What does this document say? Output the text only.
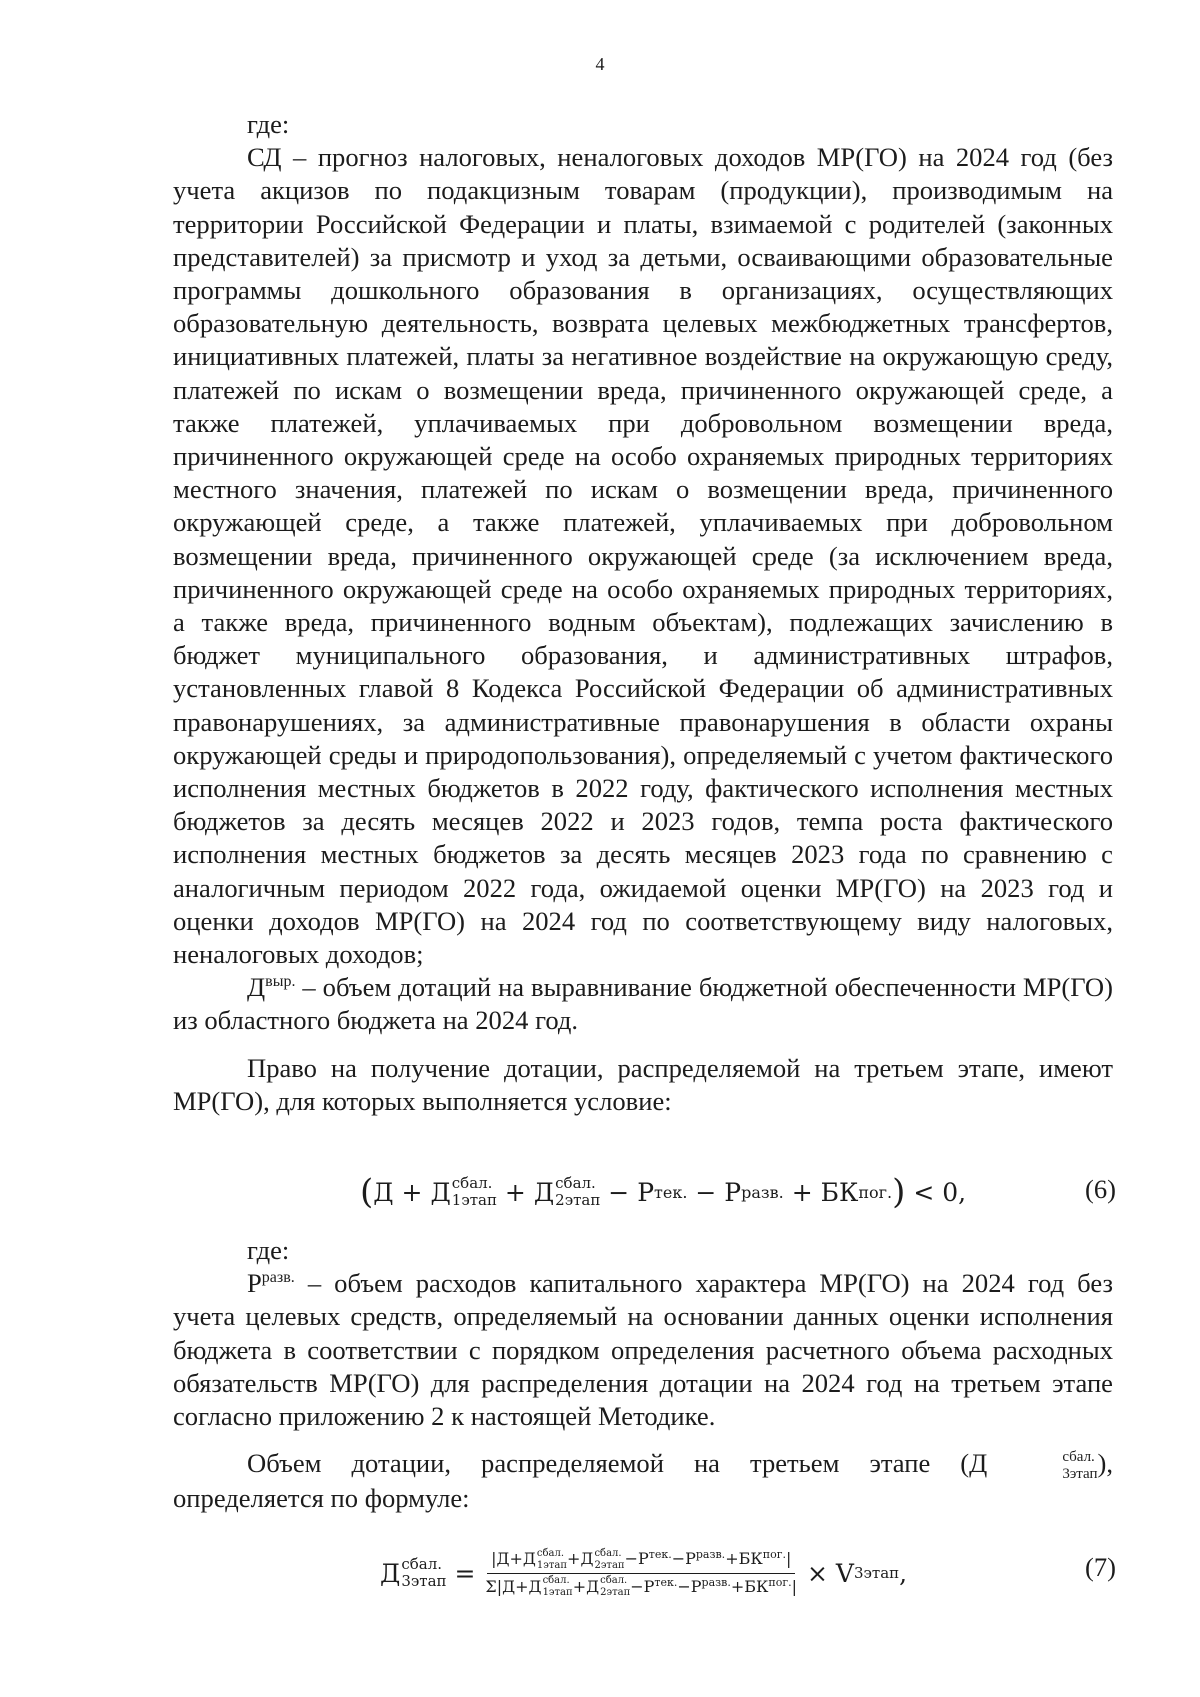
4

где:

СД – прогноз налоговых, неналоговых доходов МР(ГО) на 2024 год (без учета акцизов по подакцизным товарам (продукции), производимым на территории Российской Федерации и платы, взимаемой с родителей (законных представителей) за присмотр и уход за детьми, осваивающими образовательные программы дошкольного образования в организациях, осуществляющих образовательную деятельность, возврата целевых межбюджетных трансфертов, инициативных платежей, платы за негативное воздействие на окружающую среду, платежей по искам о возмещении вреда, причиненного окружающей среде, а также платежей, уплачиваемых при добровольном возмещении вреда, причиненного окружающей среде на особо охраняемых природных территориях местного значения, платежей по искам о возмещении вреда, причиненного окружающей среде, а также платежей, уплачиваемых при добровольном возмещении вреда, причиненного окружающей среде (за исключением вреда, причиненного окружающей среде на особо охраняемых природных территориях, а также вреда, причиненного водным объектам), подлежащих зачислению в бюджет муниципального образования, и административных штрафов, установленных главой 8 Кодекса Российской Федерации об административных правонарушениях, за административные правонарушения в области охраны окружающей среды и природопользования), определяемый с учетом фактического исполнения местных бюджетов в 2022 году, фактического исполнения местных бюджетов за десять месяцев 2022 и 2023 годов, темпа роста фактического исполнения местных бюджетов за десять месяцев 2023 года по сравнению с аналогичным периодом 2022 года, ожидаемой оценки МР(ГО) на 2023 год и оценки доходов МР(ГО) на 2024 год по соответствующему виду налоговых, неналоговых доходов;

$Д^{выр.}$ – объем дотаций на выравнивание бюджетной обеспеченности МР(ГО) из областного бюджета на 2024 год.

Право на получение дотации, распределяемой на третьем этапе, имеют МР(ГО), для которых выполняется условие:

( Д
+
Д сбал.
1этап
+
Д сбал.
2этап
−
Р тек.
−
Р разв.
+
БК пог. )
< 0,	(6)

где:

$Р^{разв.}$ – объем расходов капитального характера МР(ГО) на 2024 год без учета целевых средств, определяемый на основании данных оценки исполнения бюджета в соответствии с порядком определения расчетного объема расходных обязательств МР(ГО) для распределения дотации на 2024 год на третьем этапе согласно приложению 2 к настоящей Методике.

Объем дотации, распределяемой на третьем этапе (Д	сбал.
3этап ), определяется по формуле:

Д сбал.
3этап
= |Д+Д сбал.
1этап +Д сбал.
2этап $-Р^{тек.}-Р^{разв.}+БК^{пог.}|$
Σ|Д+Д сбал.
1этап +Д сбал.
2этап $-Р^{тек.}-Р^{разв.}+БК^{пог.}| \times V$ 3этап ,	(7)
